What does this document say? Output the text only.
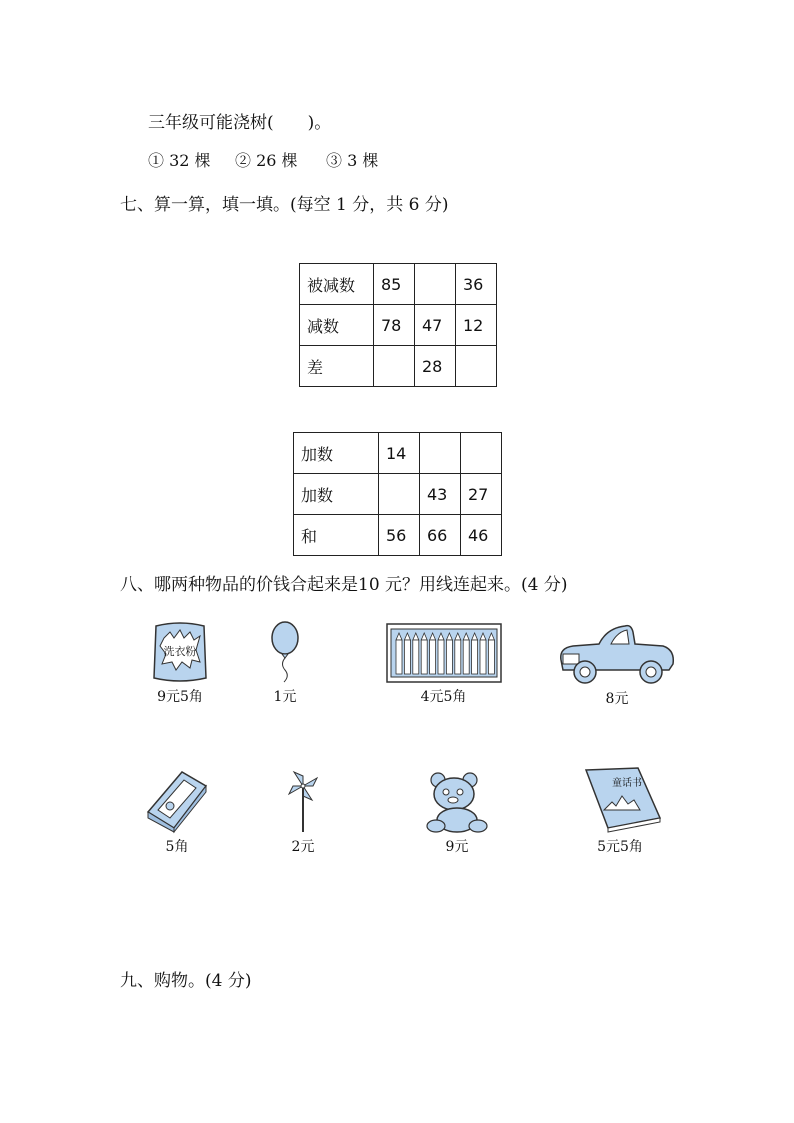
三年级可能浇树(　　)。
① 32 棵 ② 26 棵 ③ 3 棵
七、算一算，填一填。(每空 1 分，共 6 分)
被减数	85		36
减数	78	47	12
差		28	
加数	14		
加数		43	27
和	56	66	46
八、哪两种物品的价钱合起来是10 元？用线连起来。(4 分)
洗衣粉
9元5角	1元	4元5角	8元
5角	2元	9元
童话书
5元5角
九、购物。(4 分)
